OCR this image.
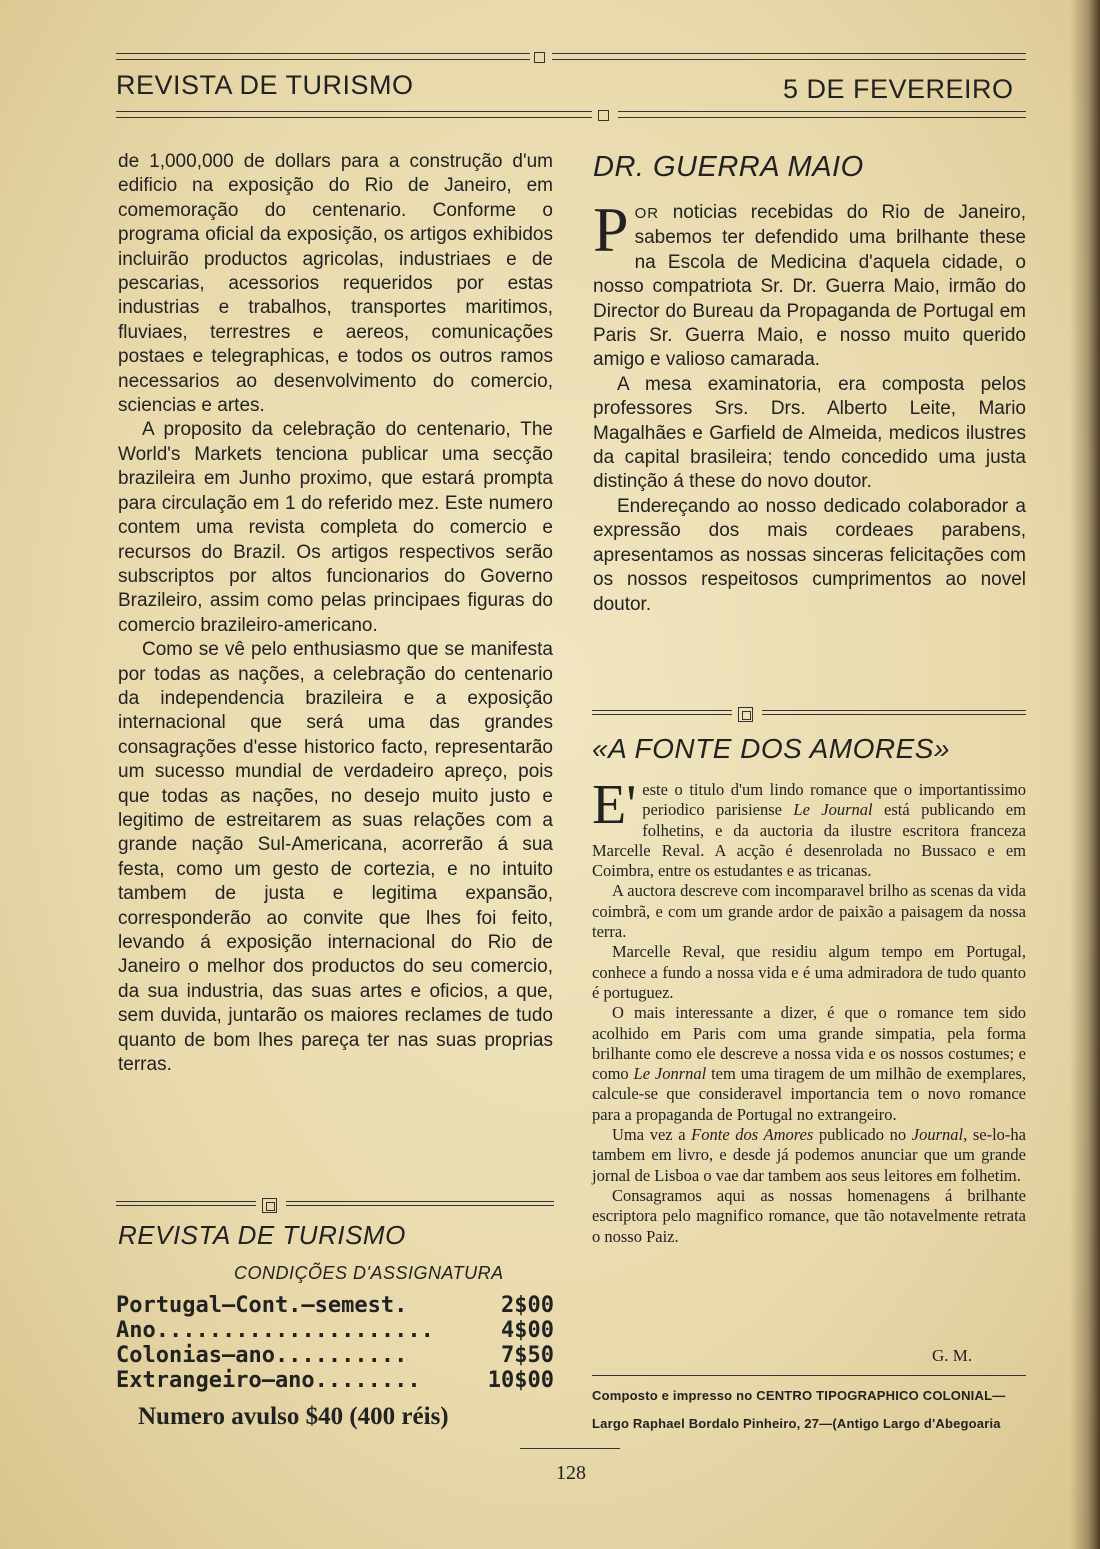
REVISTA DE TURISMO	5 DE FEVEREIRO

de 1,000,000 de dollars para a construção d'um edificio na exposição do Rio de Janeiro, em comemoração do centenario. Conforme o programa oficial da exposição, os artigos exhibidos incluirão productos agricolas, industriaes e de pescarias, acessorios requeridos por estas industrias e trabalhos, transportes maritimos, fluviaes, terrestres e aereos, comunicações postaes e telegraphicas, e todos os outros ramos necessarios ao desenvolvimento do comercio, sciencias e artes.

A proposito da celebração do centenario, The World's Markets tenciona publicar uma secção brazileira em Junho proximo, que estará prompta para circulação em 1 do referido mez. Este numero contem uma revista completa do comercio e recursos do Brazil. Os artigos respectivos serão subscriptos por altos funcionarios do Governo Brazileiro, assim como pelas principaes figuras do comercio brazileiro-americano.

Como se vê pelo enthusiasmo que se manifesta por todas as nações, a celebração do centenario da independencia brazileira e a exposição internacional que será uma das grandes consagrações d'esse historico facto, representarão um sucesso mundial de verdadeiro apreço, pois que todas as nações, no desejo muito justo e legitimo de estreitarem as suas relações com a grande nação Sul-Americana, acorrerão á sua festa, como um gesto de cortezia, e no intuito tambem de justa e legitima expansão, corresponderão ao convite que lhes foi feito, levando á exposição internacional do Rio de Janeiro o melhor dos productos do seu comercio, da sua industria, das suas artes e oficios, a que, sem duvida, juntarão os maiores reclames de tudo quanto de bom lhes pareça ter nas suas proprias terras.

REVISTA DE TURISMO
CONDIÇÕES D'ASSIGNATURA
Portugal—Cont.—semest.	2$00
Ano.....................	4$00
Colonias—ano..........	7$50
Extrangeiro—ano........	10$00
Numero avulso $40 (400 réis)
DR. GUERRA MAIO

POR noticias recebidas do Rio de Janeiro, sabemos ter defendido uma brilhante these na Escola de Medicina d'aquela cidade, o nosso compatriota Sr. Dr. Guerra Maio, irmão do Director do Bureau da Propaganda de Portugal em Paris Sr. Guerra Maio, e nosso muito querido amigo e valioso camarada.

A mesa examinatoria, era composta pelos professores Srs. Drs. Alberto Leite, Mario Magalhães e Garfield de Almeida, medicos ilustres da capital brasileira; tendo concedido uma justa distinção á these do novo doutor.

Endereçando ao nosso dedicado colaborador a expressão dos mais cordeaes parabens, apresentamos as nossas sinceras felicitações com os nossos respeitosos cumprimentos ao novel doutor.

«A FONTE DOS AMORES»

E' este o titulo d'um lindo romance que o importantissimo periodico parisiense Le Journal está publicando em folhetins, e da auctoria da ilustre escritora franceza Marcelle Reval. A acção é desenrolada no Bussaco e em Coimbra, entre os estudantes e as tricanas.

A auctora descreve com incomparavel brilho as scenas da vida coimbrã, e com um grande ardor de paixão a paisagem da nossa terra.

Marcelle Reval, que residiu algum tempo em Portugal, conhece a fundo a nossa vida e é uma admiradora de tudo quanto é portuguez.

O mais interessante a dizer, é que o romance tem sido acolhido em Paris com uma grande simpatia, pela forma brilhante como ele descreve a nossa vida e os nossos costumes; e como Le Jonrnal tem uma tiragem de um milhão de exemplares, calcule-se que consideravel importancia tem o novo romance para a propaganda de Portugal no extrangeiro.

Uma vez a Fonte dos Amores publicado no Journal, se-lo-ha tambem em livro, e desde já podemos anunciar que um grande jornal de Lisboa o vae dar tambem aos seus leitores em folhetim.

Consagramos aqui as nossas homenagens á brilhante escriptora pelo magnifico romance, que tão notavelmente retrata o nosso Paiz.

G. M.
Composto e impresso no CENTRO TIPOGRAPHICO COLONIAL—
Largo Raphael Bordalo Pinheiro, 27—(Antigo Largo d'Abegoaria
128
